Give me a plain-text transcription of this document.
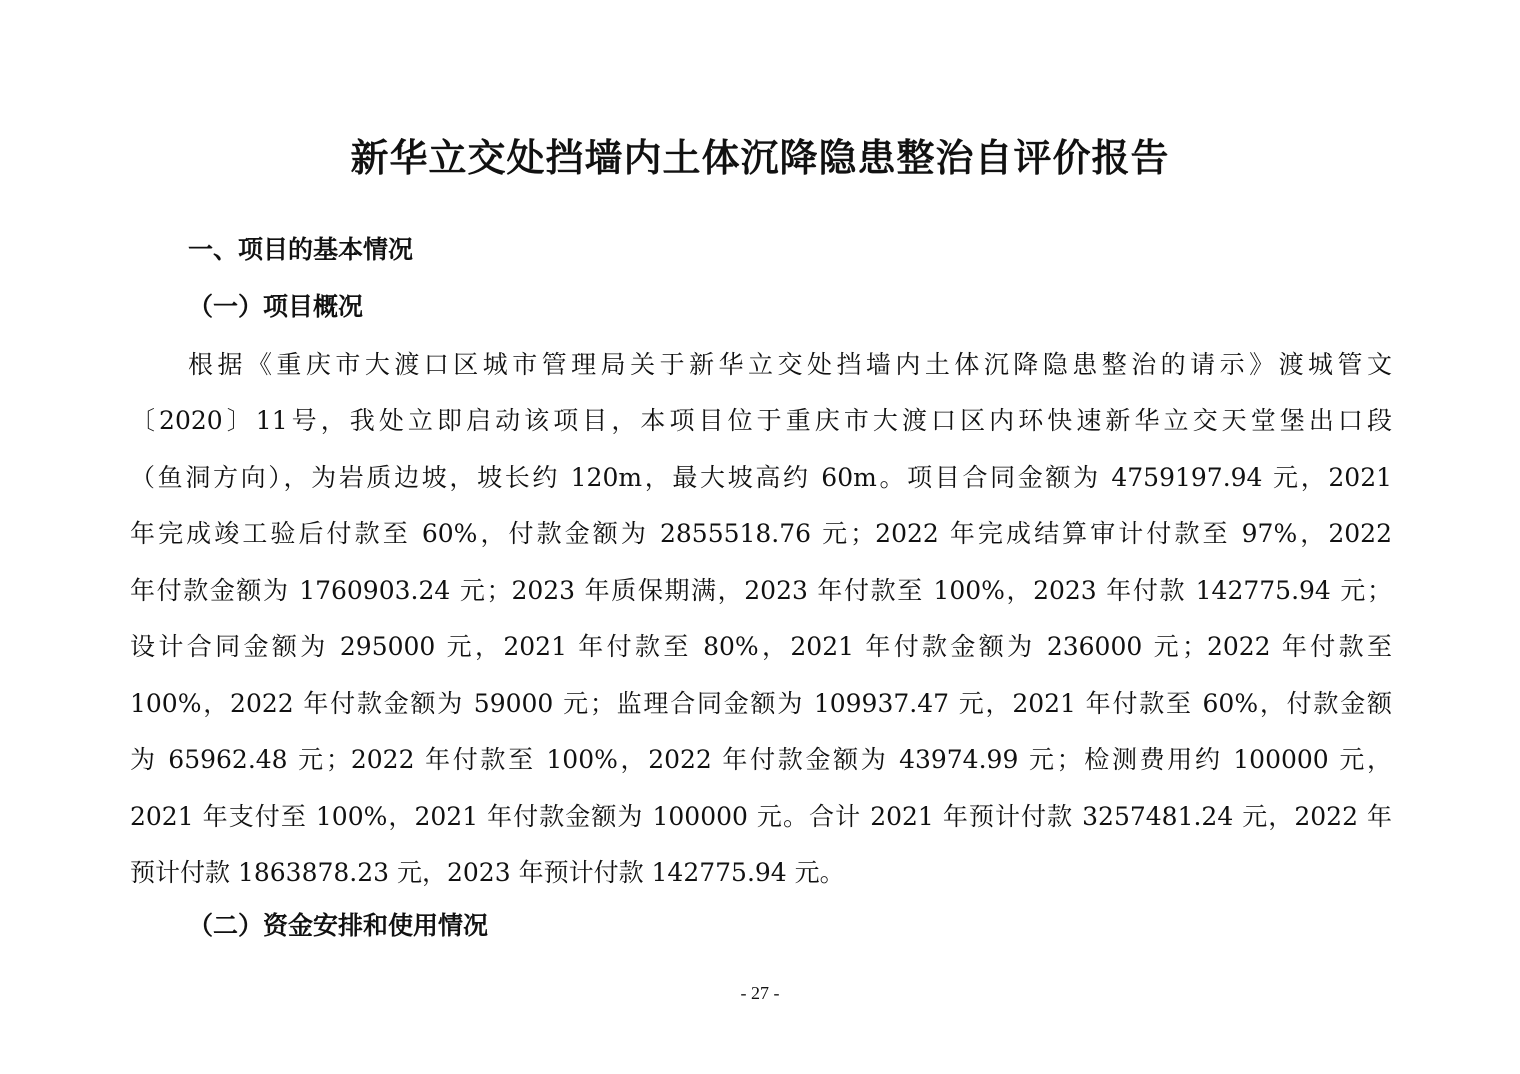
新华立交处挡墙内土体沉降隐患整治自评价报告
一、项目的基本情况
（一）项目概况
根据《重庆市大渡口区城市管理局关于新华立交处挡墙内土体沉降隐患整治的请示》渡城管文
〔2020〕11号，我处立即启动该项目，本项目位于重庆市大渡口区内环快速新华立交天堂堡出口段
（鱼洞方向），为岩质边坡，坡长约 120m，最大坡高约 60m。项目合同金额为 4759197.94 元，2021
年完成竣工验后付款至 60%，付款金额为 2855518.76 元；2022 年完成结算审计付款至 97%，2022
年付款金额为 1760903.24 元；2023 年质保期满，2023 年付款至 100%，2023 年付款 142775.94 元；
设计合同金额为 295000 元，2021 年付款至 80%，2021 年付款金额为 236000 元；2022 年付款至
100%，2022 年付款金额为 59000 元；监理合同金额为 109937.47 元，2021 年付款至 60%，付款金额
为 65962.48 元；2022 年付款至 100%，2022 年付款金额为 43974.99 元；检测费用约 100000 元，
2021 年支付至 100%，2021 年付款金额为 100000 元。合计 2021 年预计付款 3257481.24 元，2022 年
预计付款 1863878.23 元，2023 年预计付款 142775.94 元。
（二）资金安排和使用情况
- 27 -
